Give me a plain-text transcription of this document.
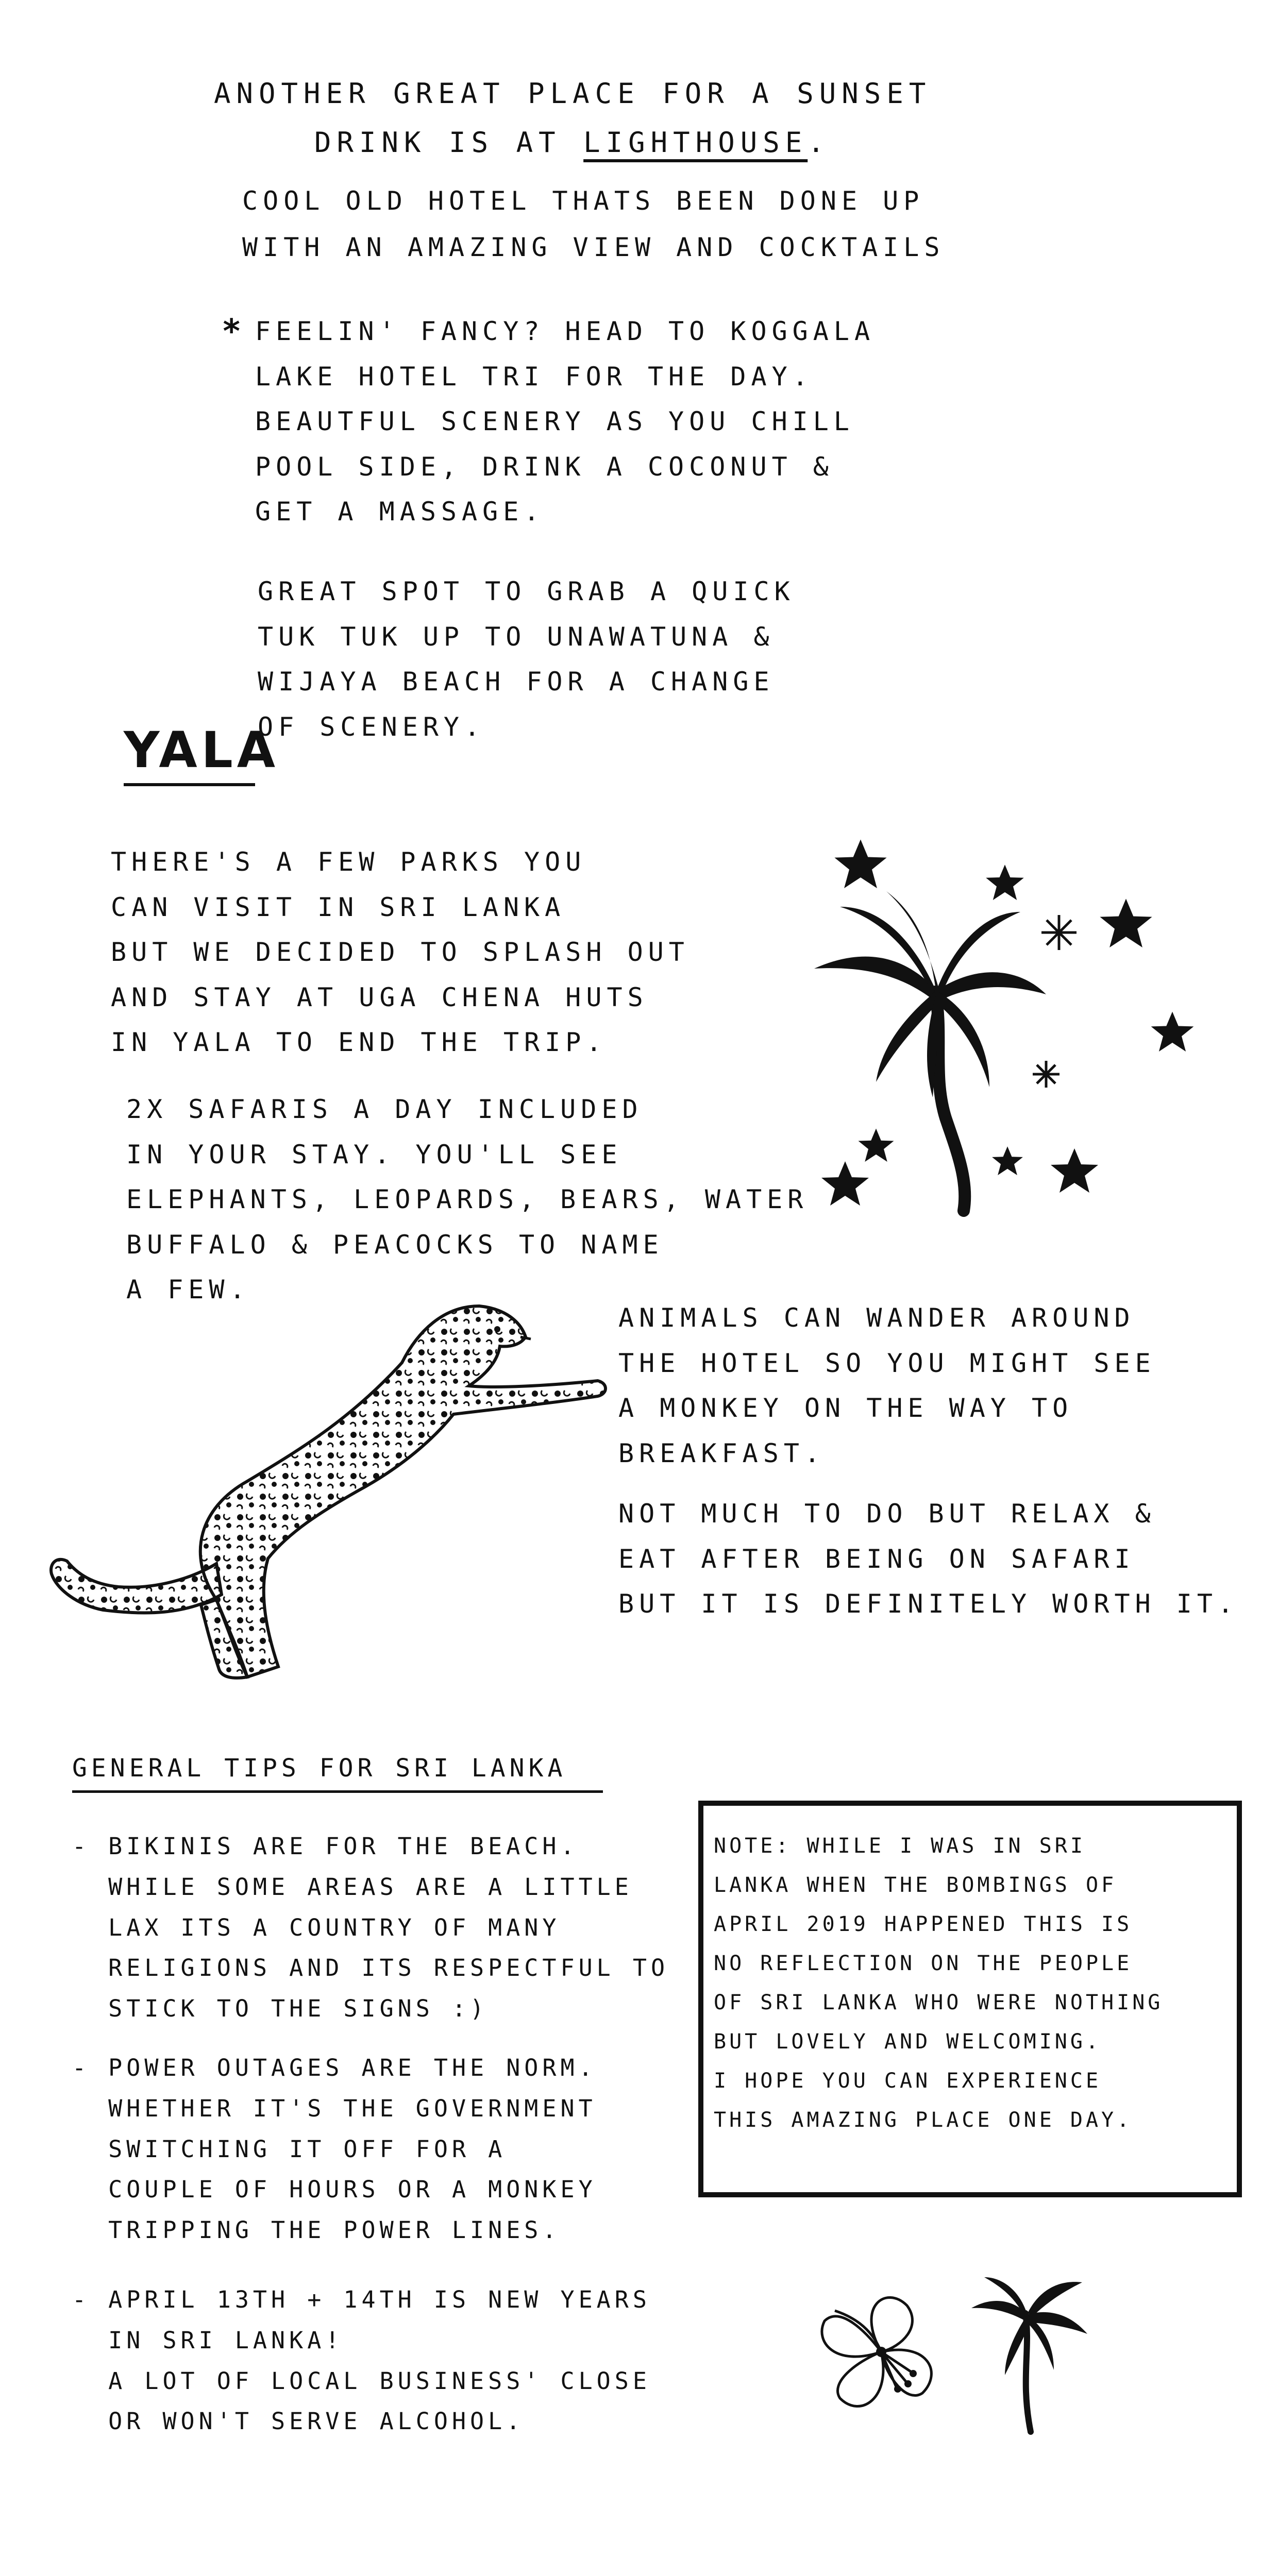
ANOTHER GREAT PLACE FOR A SUNSET
DRINK IS AT LIGHTHOUSE.
COOL OLD HOTEL THATS BEEN DONE UP
WITH AN AMAZING VIEW AND COCKTAILS
* FEELIN' FANCY? HEAD TO KOGGALA
LAKE HOTEL TRI FOR THE DAY.
BEAUTFUL SCENERY AS YOU CHILL
POOL SIDE, DRINK A COCONUT &
GET A MASSAGE.
GREAT SPOT TO GRAB A QUICK
TUK TUK UP TO UNAWATUNA &
WIJAYA BEACH FOR A CHANGE
OF SCENERY.
YALA
THERE'S A FEW PARKS YOU
CAN VISIT IN SRI LANKA
BUT WE DECIDED TO SPLASH OUT
AND STAY AT UGA CHENA HUTS
IN YALA TO END THE TRIP.
2X SAFARIS A DAY INCLUDED
IN YOUR STAY. YOU'LL SEE
ELEPHANTS, LEOPARDS, BEARS, WATER
BUFFALO & PEACOCKS TO NAME
A FEW.
ANIMALS CAN WANDER AROUND
THE HOTEL SO YOU MIGHT SEE
A MONKEY ON THE WAY TO
BREAKFAST.
NOT MUCH TO DO BUT RELAX &
EAT AFTER BEING ON SAFARI
BUT IT IS DEFINITELY WORTH IT.
GENERAL TIPS FOR SRI LANKA
- BIKINIS ARE FOR THE BEACH.
WHILE SOME AREAS ARE A LITTLE
LAX ITS A COUNTRY OF MANY
RELIGIONS AND ITS RESPECTFUL TO
STICK TO THE SIGNS :)
- POWER OUTAGES ARE THE NORM.
WHETHER IT'S THE GOVERNMENT
SWITCHING IT OFF FOR A
COUPLE OF HOURS OR A MONKEY
TRIPPING THE POWER LINES.
- APRIL 13TH + 14TH IS NEW YEARS
IN SRI LANKA!
A LOT OF LOCAL BUSINESS' CLOSE
OR WON'T SERVE ALCOHOL.
NOTE: WHILE I WAS IN SRI
LANKA WHEN THE BOMBINGS OF
APRIL 2019 HAPPENED THIS IS
NO REFLECTION ON THE PEOPLE
OF SRI LANKA WHO WERE NOTHING
BUT LOVELY AND WELCOMING.
I HOPE YOU CAN EXPERIENCE
THIS AMAZING PLACE ONE DAY.
